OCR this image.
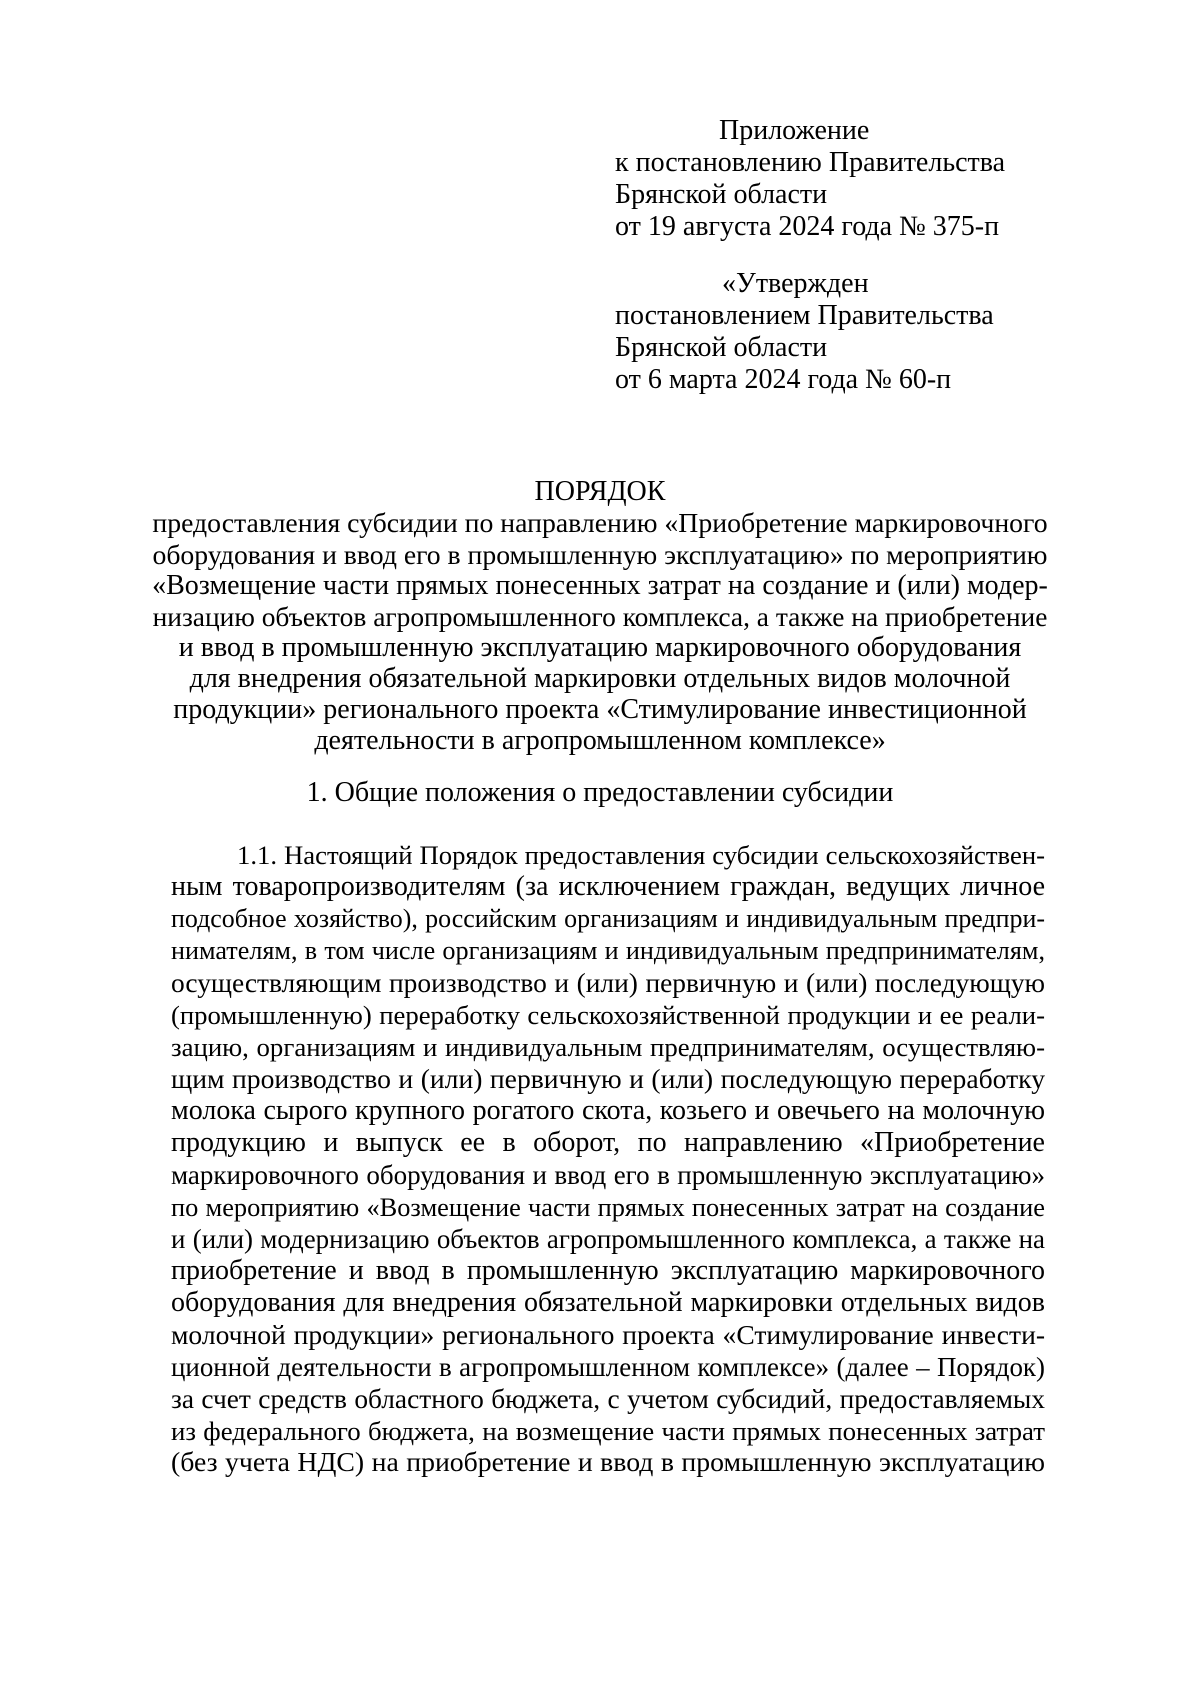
Приложение
к постановлению Правительства
Брянской области
от 19 августа 2024 года № 375-п
«Утвержден
постановлением Правительства
Брянской области
от 6 марта 2024 года № 60-п
ПОРЯДОК
предоставления субсидии по направлению «Приобретение маркировочного
оборудования и ввод его в промышленную эксплуатацию» по мероприятию
«Возмещение части прямых понесенных затрат на создание и (или) модер-
низацию объектов агропромышленного комплекса, а также на приобретение
и ввод в промышленную эксплуатацию маркировочного оборудования
для внедрения обязательной маркировки отдельных видов молочной
продукции» регионального проекта «Стимулирование инвестиционной
деятельности в агропромышленном комплексе»
1. Общие положения о предоставлении субсидии
1.1. Настоящий Порядок предоставления субсидии сельскохозяйствен-
ным товаропроизводителям (за исключением граждан, ведущих личное
подсобное хозяйство), российским организациям и индивидуальным предпри-
нимателям, в том числе организациям и индивидуальным предпринимателям,
осуществляющим производство и (или) первичную и (или) последующую
(промышленную) переработку сельскохозяйственной продукции и ее реали-
зацию, организациям и индивидуальным предпринимателям, осуществляю-
щим производство и (или) первичную и (или) последующую переработку
молока сырого крупного рогатого скота, козьего и овечьего на молочную
продукцию и выпуск ее в оборот, по направлению «Приобретение
маркировочного оборудования и ввод его в промышленную эксплуатацию»
по мероприятию «Возмещение части прямых понесенных затрат на создание
и (или) модернизацию объектов агропромышленного комплекса, а также на
приобретение и ввод в промышленную эксплуатацию маркировочного
оборудования для внедрения обязательной маркировки отдельных видов
молочной продукции» регионального проекта «Стимулирование инвести-
ционной деятельности в агропромышленном комплексе» (далее – Порядок)
за счет средств областного бюджета, с учетом субсидий, предоставляемых
из федерального бюджета, на возмещение части прямых понесенных затрат
(без учета НДС) на приобретение и ввод в промышленную эксплуатацию
